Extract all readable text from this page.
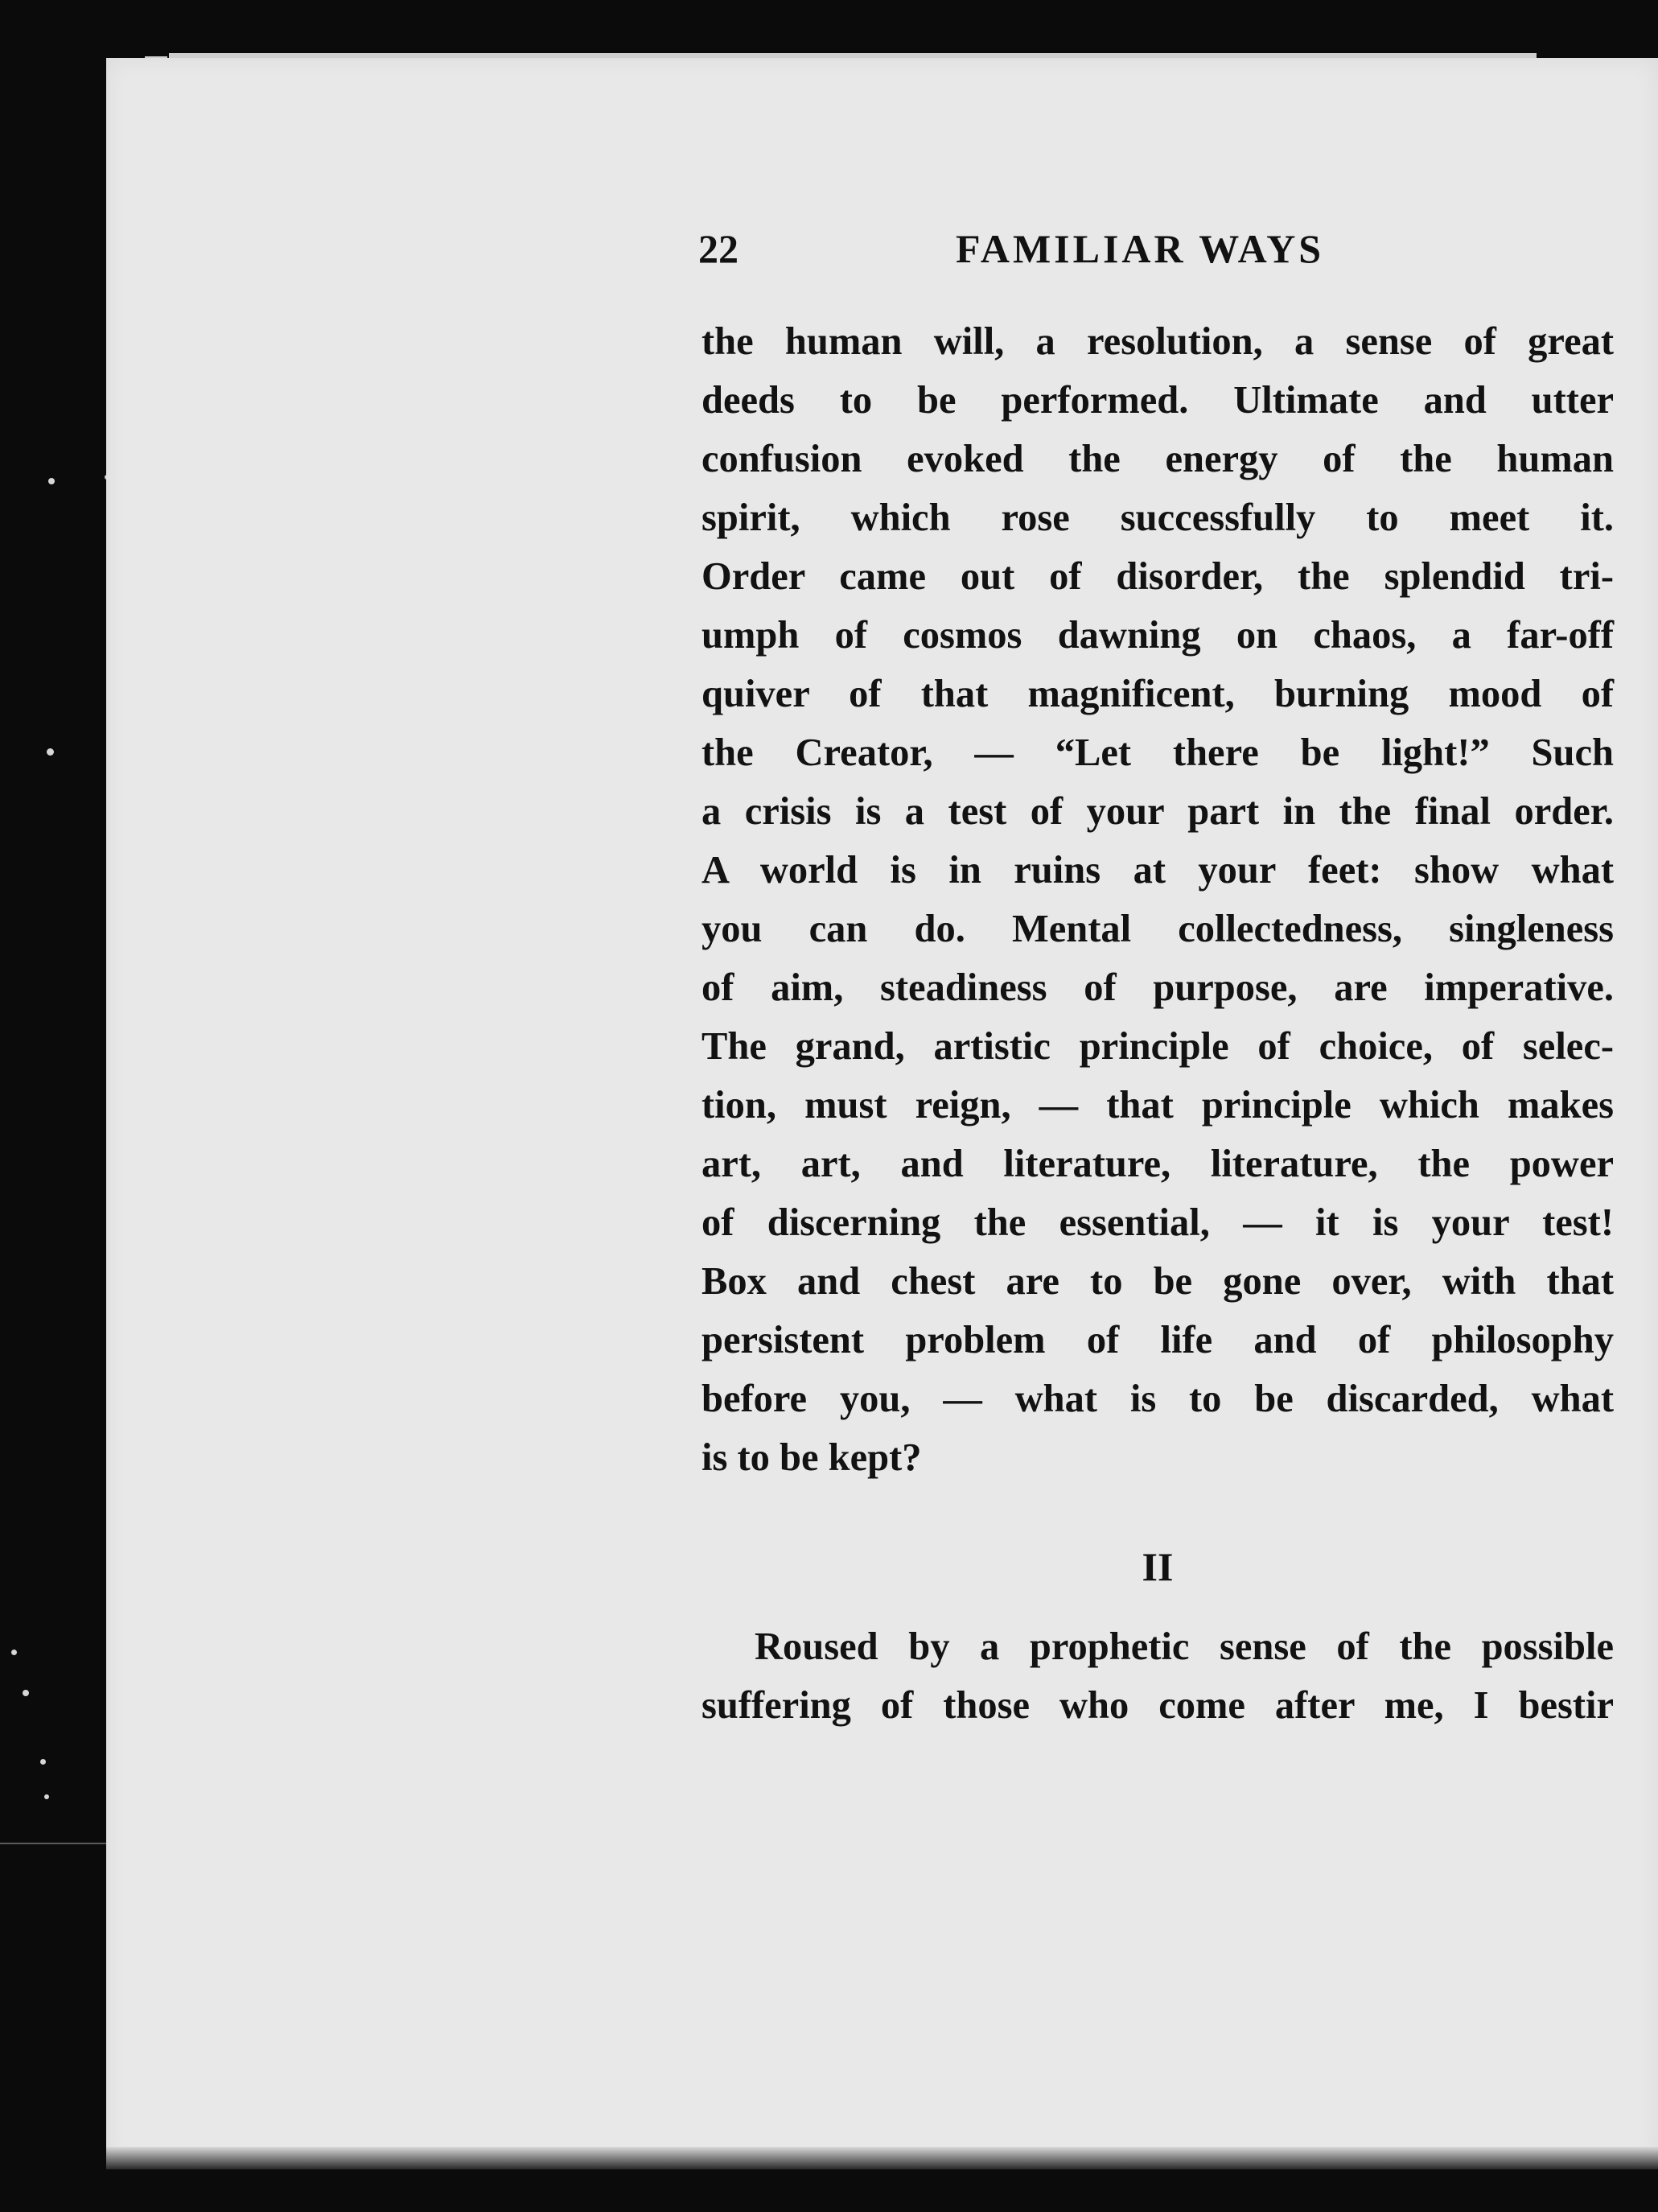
22	FAMILIAR WAYS
the human will, a resolution, a sense of great
deeds to be performed. Ultimate and utter
confusion evoked the energy of the human
spirit, which rose successfully to meet it.
Order came out of disorder, the splendid tri-
umph of cosmos dawning on chaos, a far-off
quiver of that magnificent, burning mood of
the Creator, — “Let there be light!” Such
a crisis is a test of your part in the final order.
A world is in ruins at your feet: show what
you can do. Mental collectedness, singleness
of aim, steadiness of purpose, are imperative.
The grand, artistic principle of choice, of selec-
tion, must reign, — that principle which makes
art, art, and literature, literature, the power
of discerning the essential, — it is your test!
Box and chest are to be gone over, with that
persistent problem of life and of philosophy
before you, — what is to be discarded, what
is to be kept?
II
Roused by a prophetic sense of the possible
suffering of those who come after me, I bestir
